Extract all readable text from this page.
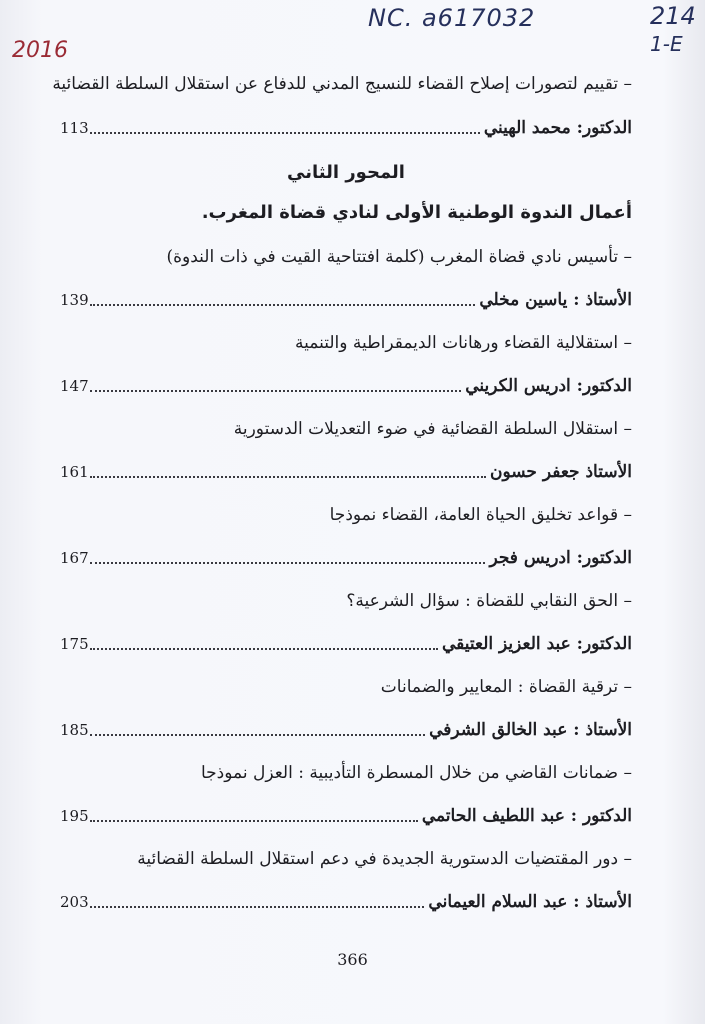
NC. a617032
2016
214
1-E
– تقييم لتصورات إصلاح القضاء للنسيج المدني للدفاع عن استقلال السلطة القضائية
الدكتور: محمد الهيني
113
المحور الثاني
أعمال الندوة الوطنية الأولى لنادي قضاة المغرب.
– تأسيس نادي قضاة المغرب (كلمة افتتاحية القيت في ذات الندوة)
الأستاذ : ياسين مخلي
139
– استقلالية القضاء ورهانات الديمقراطية والتنمية
الدكتور: ادريس الكريني
147
– استقلال السلطة القضائية في ضوء التعديلات الدستورية
الأستاذ جعفر حسون
161
– قواعد تخليق الحياة العامة، القضاء نموذجا
الدكتور: ادريس فجر
167
– الحق النقابي للقضاة : سؤال الشرعية؟
الدكتور: عبد العزيز العتيقي
175
– ترقية القضاة : المعايير والضمانات
الأستاذ : عبد الخالق الشرفي
185
– ضمانات القاضي من خلال المسطرة التأديبية : العزل نموذجا
الدكتور : عبد اللطيف الحاتمي
195
– دور المقتضيات الدستورية الجديدة في دعم استقلال السلطة القضائية
الأستاذ : عبد السلام العيماني
203
366
